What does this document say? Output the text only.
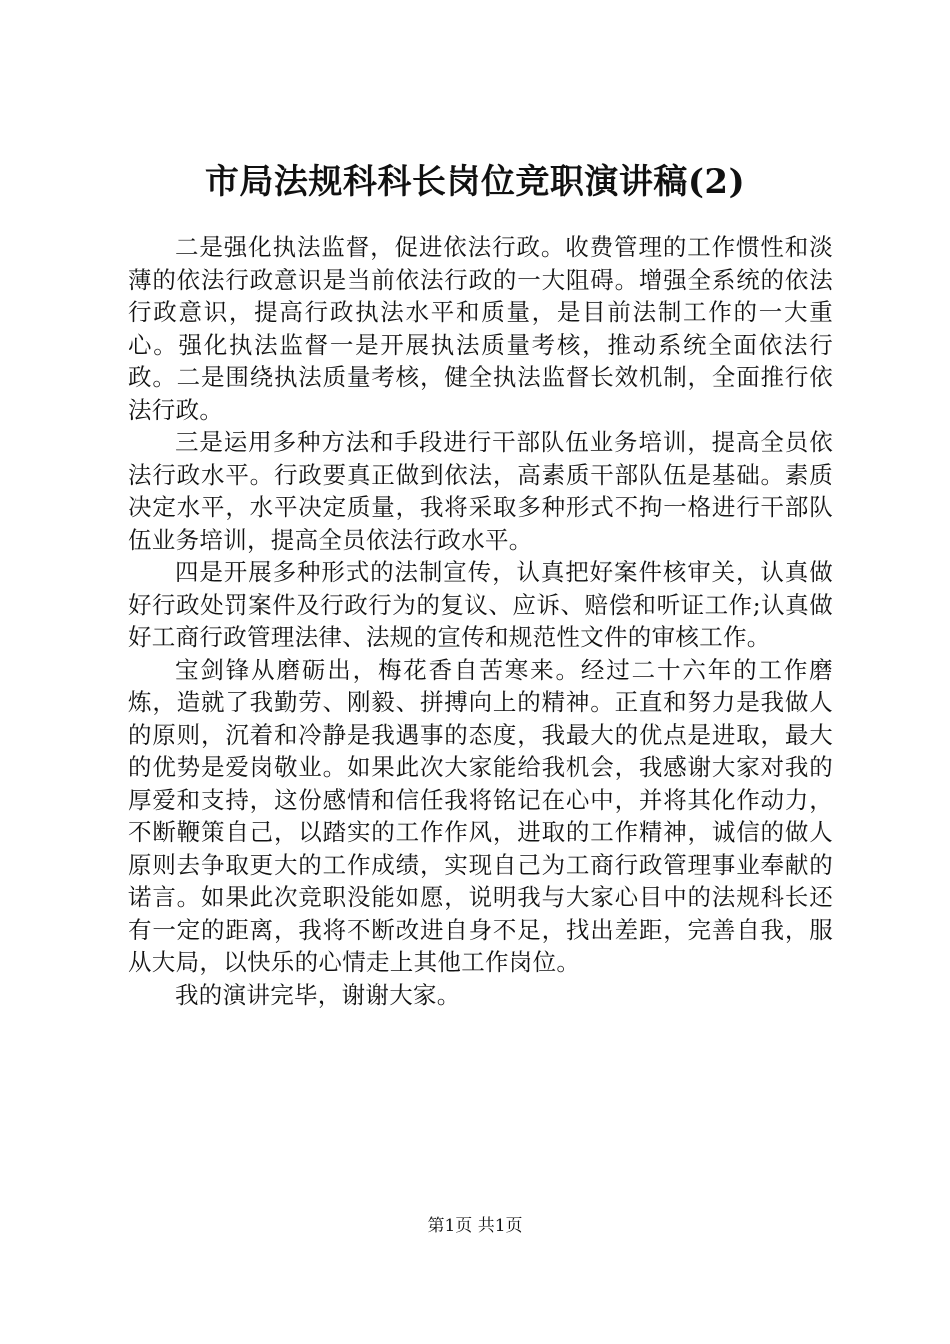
市局法规科科长岗位竞职演讲稿(2)

二是强化执法监督，促进依法行政。收费管理的工作惯性和淡薄的依法行政意识是当前依法行政的一大阻碍。增强全系统的依法行政意识，提高行政执法水平和质量，是目前法制工作的一大重心。强化执法监督一是开展执法质量考核，推动系统全面依法行政。二是围绕执法质量考核，健全执法监督长效机制，全面推行依法行政。

三是运用多种方法和手段进行干部队伍业务培训，提高全员依法行政水平。行政要真正做到依法，高素质干部队伍是基础。素质决定水平，水平决定质量，我将采取多种形式不拘一格进行干部队伍业务培训，提高全员依法行政水平。

四是开展多种形式的法制宣传，认真把好案件核审关，认真做好行政处罚案件及行政行为的复议、应诉、赔偿和听证工作;认真做好工商行政管理法律、法规的宣传和规范性文件的审核工作。

宝剑锋从磨砺出，梅花香自苦寒来。经过二十六年的工作磨炼，造就了我勤劳、刚毅、拼搏向上的精神。正直和努力是我做人的原则，沉着和冷静是我遇事的态度，我最大的优点是进取，最大的优势是爱岗敬业。如果此次大家能给我机会，我感谢大家对我的厚爱和支持，这份感情和信任我将铭记在心中，并将其化作动力，不断鞭策自己，以踏实的工作作风，进取的工作精神，诚信的做人原则去争取更大的工作成绩，实现自己为工商行政管理事业奉献的诺言。如果此次竞职没能如愿，说明我与大家心目中的法规科长还有一定的距离，我将不断改进自身不足，找出差距，完善自我，服从大局，以快乐的心情走上其他工作岗位。

我的演讲完毕，谢谢大家。

第1页 共1页
